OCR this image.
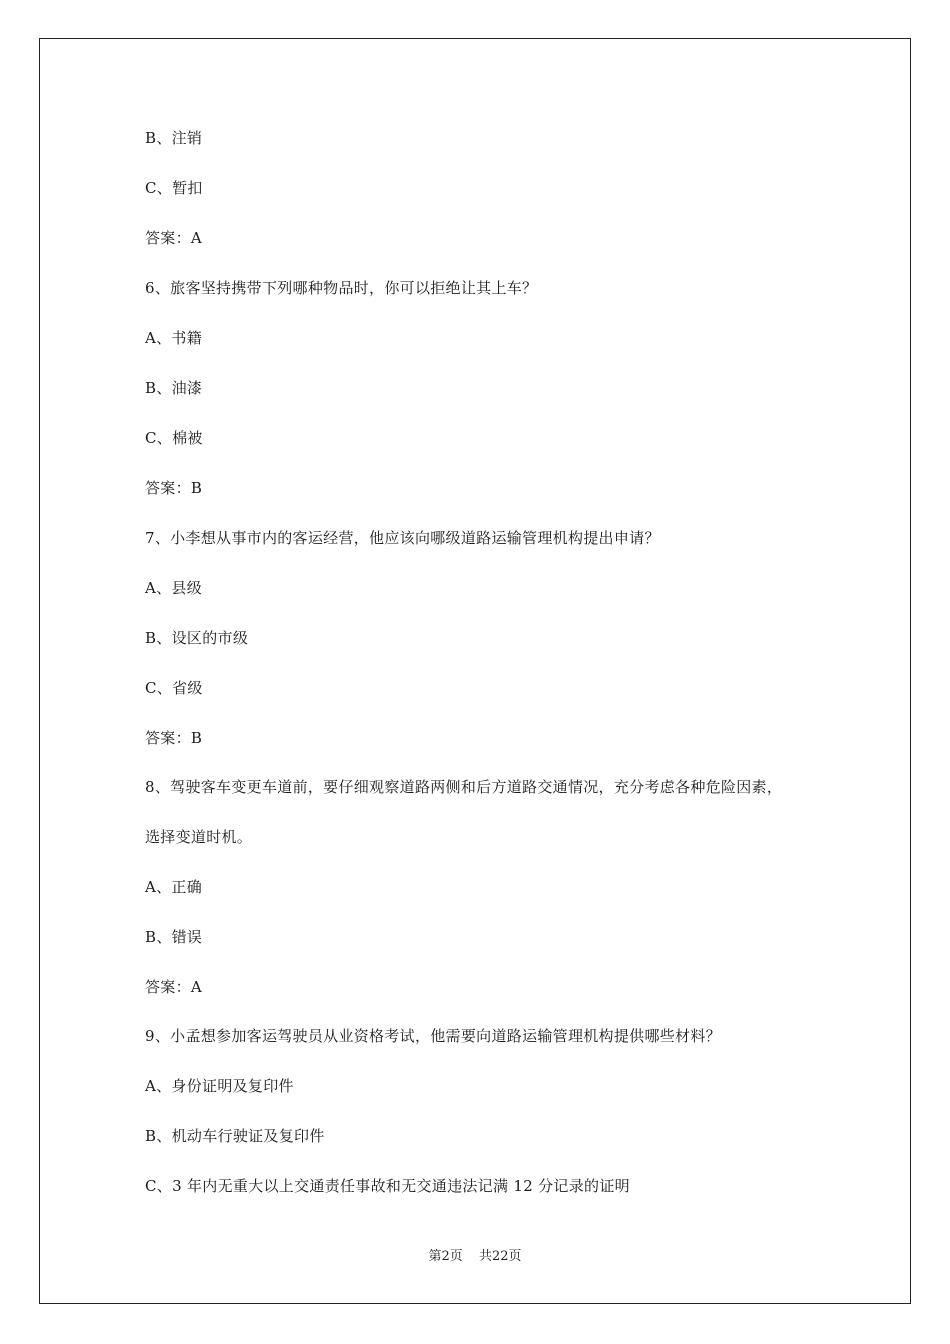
B、注销
C、暂扣
答案：A
6、旅客坚持携带下列哪种物品时，你可以拒绝让其上车？
A、书籍
B、油漆
C、棉被
答案：B
7、小李想从事市内的客运经营，他应该向哪级道路运输管理机构提出申请？
A、县级
B、设区的市级
C、省级
答案：B
8、驾驶客车变更车道前，要仔细观察道路两侧和后方道路交通情况，充分考虑各种危险因素，
选择变道时机。
A、正确
B、错误
答案：A
9、小孟想参加客运驾驶员从业资格考试，他需要向道路运输管理机构提供哪些材料？
A、身份证明及复印件
B、机动车行驶证及复印件
C、3 年内无重大以上交通责任事故和无交通违法记满 12 分记录的证明
第2页 共22页
